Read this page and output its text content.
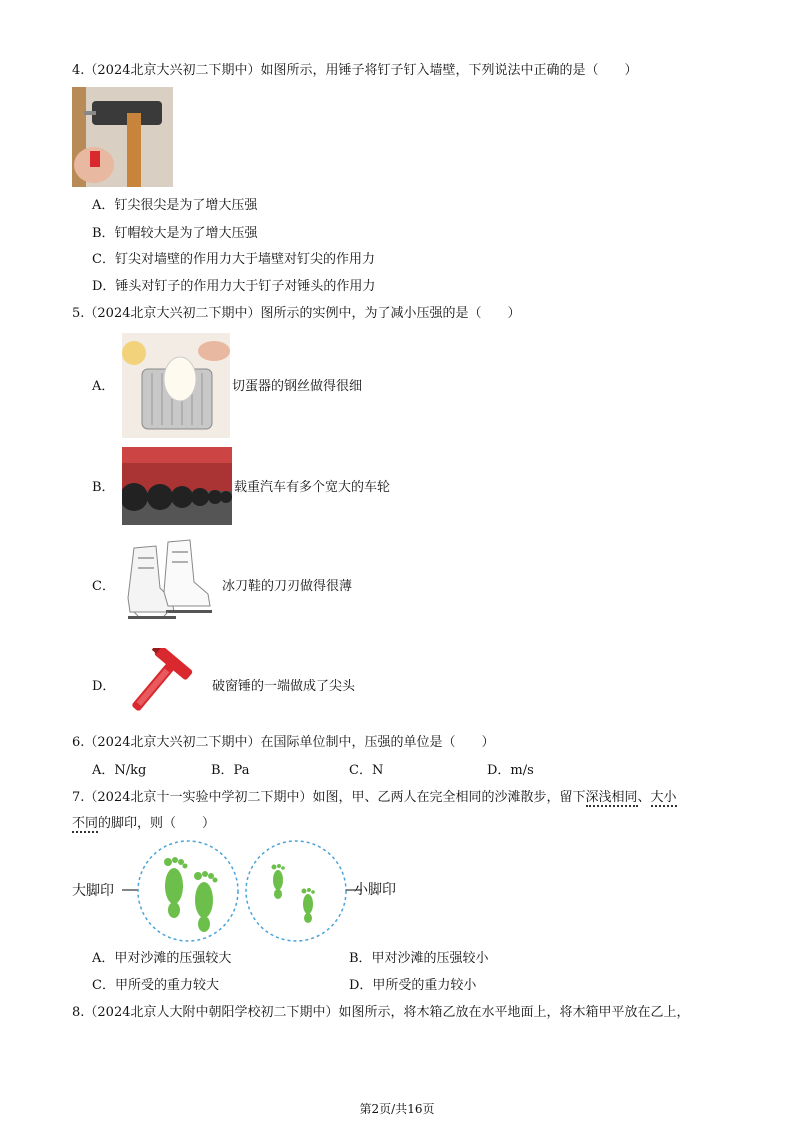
4.（2024北京大兴初二下期中）如图所示，用锤子将钉子钉入墙壁，下列说法中正确的是（　　）
A．钉尖很尖是为了增大压强
B．钉帽较大是为了增大压强
C．钉尖对墙壁的作用力大于墙壁对钉尖的作用力
D．锤头对钉子的作用力大于钉子对锤头的作用力
5.（2024北京大兴初二下期中）图所示的实例中，为了减小压强的是（　　）
A．	切蛋器的钢丝做得很细
B．	载重汽车有多个宽大的车轮
C．	冰刀鞋的刀刃做得很薄
D．	破窗锤的一端做成了尖头
6.（2024北京大兴初二下期中）在国际单位制中，压强的单位是（　　）
A．N/kg	B．Pa	C．N	D．m/s
7.（2024北京十一实验中学初二下期中）如图，甲、乙两人在完全相同的沙滩散步，留下深浅相同、大小
不同的脚印，则（　　）
大脚印	小脚印
A．甲对沙滩的压强较大	B．甲对沙滩的压强较小
C．甲所受的重力较大	D．甲所受的重力较小
8.（2024北京人大附中朝阳学校初二下期中）如图所示，将木箱乙放在水平地面上，将木箱甲平放在乙上，
第2页/共16页
